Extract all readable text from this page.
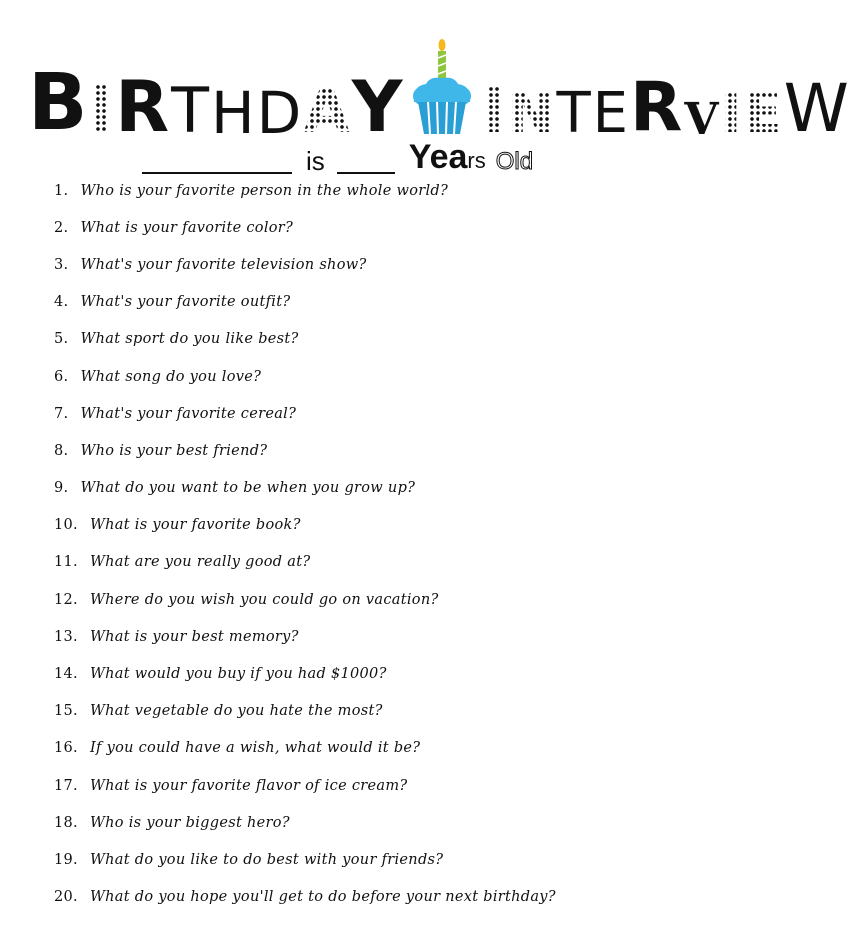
B I R T H D A Y I N T E R V I E W
is Yea rs Old
1. Who is your favorite person in the whole world?
2. What is your favorite color?
3. What's your favorite television show?
4. What's your favorite outfit?
5. What sport do you like best?
6. What song do you love?
7. What's your favorite cereal?
8. Who is your best friend?
9. What do you want to be when you grow up?
10. What is your favorite book?
11. What are you really good at?
12. Where do you wish you could go on vacation?
13. What is your best memory?
14. What would you buy if you had $1000?
15. What vegetable do you hate the most?
16. If you could have a wish, what would it be?
17. What is your favorite flavor of ice cream?
18. Who is your biggest hero?
19. What do you like to do best with your friends?
20. What do you hope you'll get to do before your next birthday?
